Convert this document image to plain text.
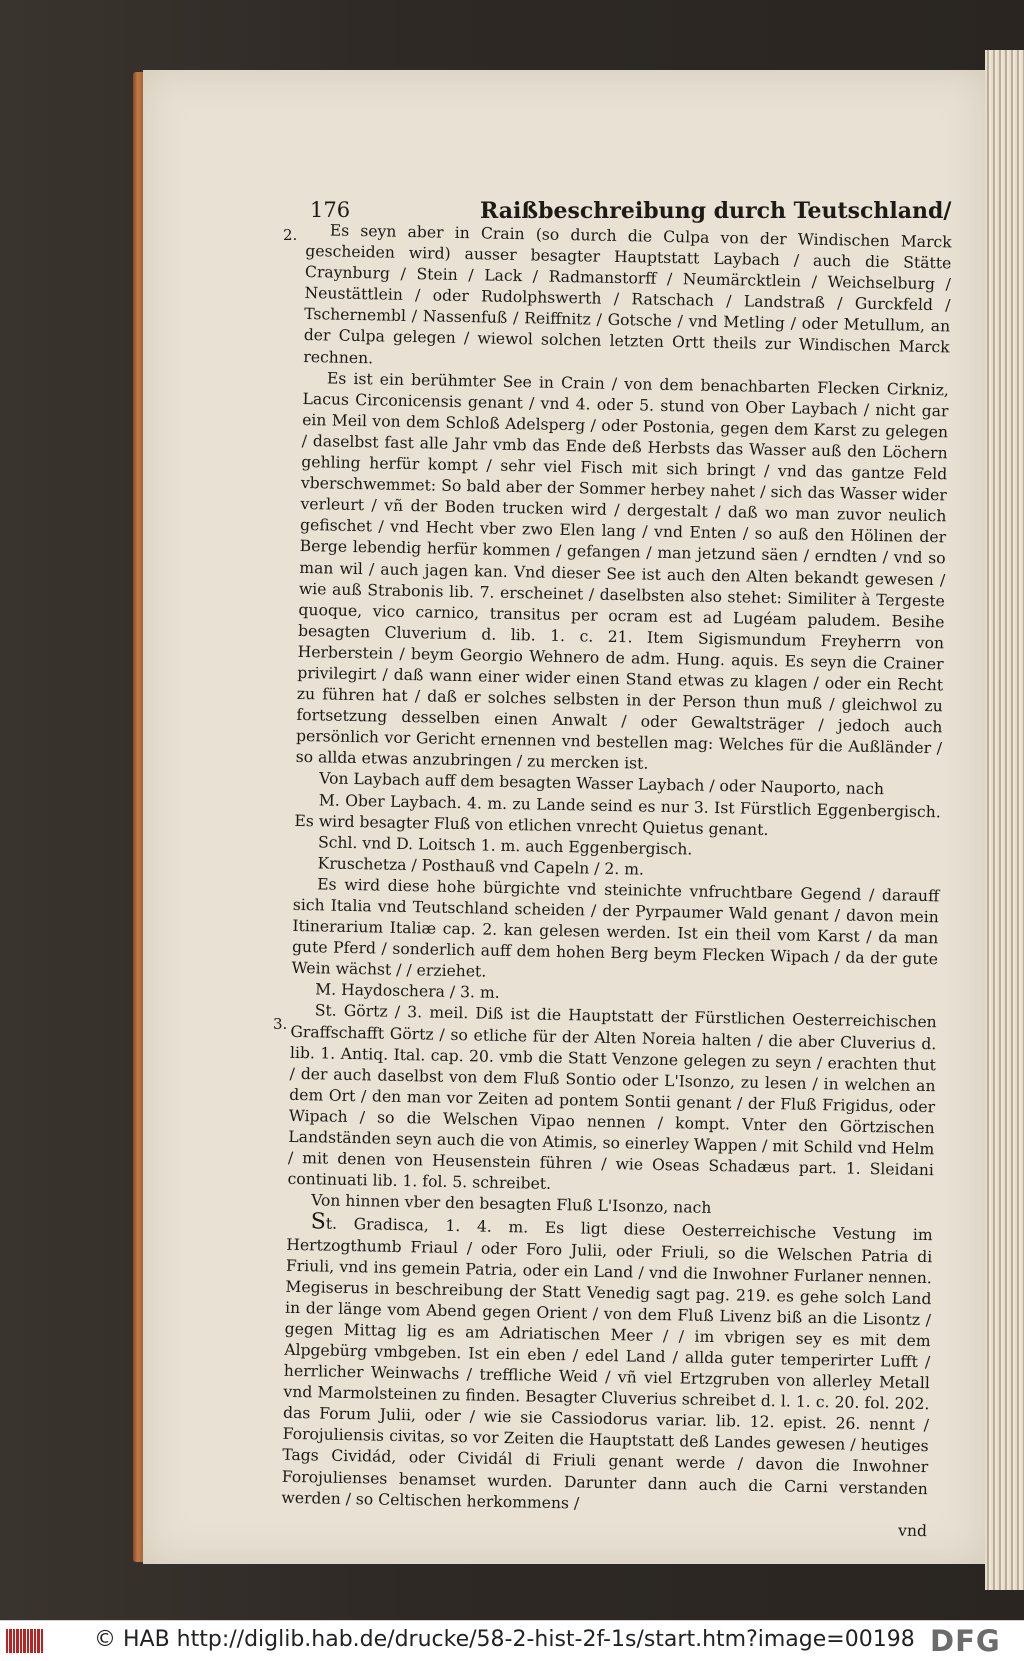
176	Raißbeschreibung durch Teutschland/
2.
3.

Es seyn aber in Crain (so durch die Culpa von der Windischen Marck gescheiden wird) ausser besagter Hauptstatt Laybach / auch die Stätte Craynburg / Stein / Lack / Radmanstorff / Neumärcktlein / Weichselburg / Neustättlein / oder Rudolphswerth / Ratschach / Landstraß / Gurckfeld / Tschernembl / Nassenfuß / Reiffnitz / Gotsche / vnd Metling / oder Metullum, an der Culpa gelegen / wiewol solchen letzten Ortt theils zur Windischen Marck rechnen.

Es ist ein berühmter See in Crain / von dem benachbarten Flecken Cirkniz, Lacus Circonicensis genant / vnd 4. oder 5. stund von Ober Laybach / nicht gar ein Meil von dem Schloß Adelsperg / oder Postonia, gegen dem Karst zu gelegen / daselbst fast alle Jahr vmb das Ende deß Herbsts das Wasser auß den Löchern gehling herfür kompt / sehr viel Fisch mit sich bringt / vnd das gantze Feld vberschwemmet: So bald aber der Sommer herbey nahet / sich das Wasser wider verleurt / vñ der Boden trucken wird / dergestalt / daß wo man zuvor neulich gefischet / vnd Hecht vber zwo Elen lang / vnd Enten / so auß den Hölinen der Berge lebendig herfür kommen / gefangen / man jetzund säen / erndten / vnd so man wil / auch jagen kan. Vnd dieser See ist auch den Alten bekandt gewesen / wie auß Strabonis lib. 7. erscheinet / daselbsten also stehet: Similiter à Tergeste quoque, vico carnico, transitus per ocram est ad Lugéam paludem. Besihe besagten Cluverium d. lib. 1. c. 21. Item Sigismundum Freyherrn von Herberstein / beym Georgio Wehnero de adm. Hung. aquis. Es seyn die Crainer privilegirt / daß wann einer wider einen Stand etwas zu klagen / oder ein Recht zu führen hat / daß er solches selbsten in der Person thun muß / gleichwol zu fortsetzung desselben einen Anwalt / oder Gewaltsträger / jedoch auch persönlich vor Gericht ernennen vnd bestellen mag: Welches für die Außländer / so allda etwas anzubringen / zu mercken ist.

Von Laybach auff dem besagten Wasser Laybach / oder Nauporto, nach

M. Ober Laybach. 4. m. zu Lande seind es nur 3. Ist Fürstlich Eggenbergisch. Es wird besagter Fluß von etlichen vnrecht Quietus genant.

Schl. vnd D. Loitsch 1. m. auch Eggenbergisch.

Kruschetza / Posthauß vnd Capeln / 2. m.

Es wird diese hohe bürgichte vnd steinichte vnfruchtbare Gegend / darauff sich Italia vnd Teutschland scheiden / der Pyrpaumer Wald genant / davon mein Itinerarium Italiæ cap. 2. kan gelesen werden. Ist ein theil vom Karst / da man gute Pferd / sonderlich auff dem hohen Berg beym Flecken Wipach / da der gute Wein wächst / / erziehet.

M. Haydoschera / 3. m.

St. Görtz / 3. meil. Diß ist die Hauptstatt der Fürstlichen Oesterreichischen Graffschafft Görtz / so etliche für der Alten Noreia halten / die aber Cluverius d. lib. 1. Antiq. Ital. cap. 20. vmb die Statt Venzone gelegen zu seyn / erachten thut / der auch daselbst von dem Fluß Sontio oder L'Isonzo, zu lesen / in welchen an dem Ort / den man vor Zeiten ad pontem Sontii genant / der Fluß Frigidus, oder Wipach / so die Welschen Vipao nennen / kompt. Vnter den Görtzischen Landständen seyn auch die von Atimis, so einerley Wappen / mit Schild vnd Helm / mit denen von Heusenstein führen / wie Oseas Schadæus part. 1. Sleidani continuati lib. 1. fol. 5. schreibet.

Von hinnen vber den besagten Fluß L'Isonzo, nach

St. Gradisca, 1. 4. m. Es ligt diese Oesterreichische Vestung im Hertzogthumb Friaul / oder Foro Julii, oder Friuli, so die Welschen Patria di Friuli, vnd ins gemein Patria, oder ein Land / vnd die Inwohner Furlaner nennen. Megiserus in beschreibung der Statt Venedig sagt pag. 219. es gehe solch Land in der länge vom Abend gegen Orient / von dem Fluß Livenz biß an die Lisontz / gegen Mittag lig es am Adriatischen Meer / / im vbrigen sey es mit dem Alpgebürg vmbgeben. Ist ein eben / edel Land / allda guter temperirter Lufft / herrlicher Weinwachs / treffliche Weid / vñ viel Ertzgruben von allerley Metall vnd Marmolsteinen zu finden. Besagter Cluverius schreibet d. l. 1. c. 20. fol. 202. das Forum Julii, oder / wie sie Cassiodorus variar. lib. 12. epist. 26. nennt / Forojuliensis civitas, so vor Zeiten die Hauptstatt deß Landes gewesen / heutiges Tags Cividád, oder Cividál di Friuli genant werde / davon die Inwohner Forojulienses benamset wurden. Darunter dann auch die Carni verstanden werden / so Celtischen herkommens /

vnd

© HAB http://diglib.hab.de/drucke/58-2-hist-2f-1s/start.htm?image=00198 DFG
